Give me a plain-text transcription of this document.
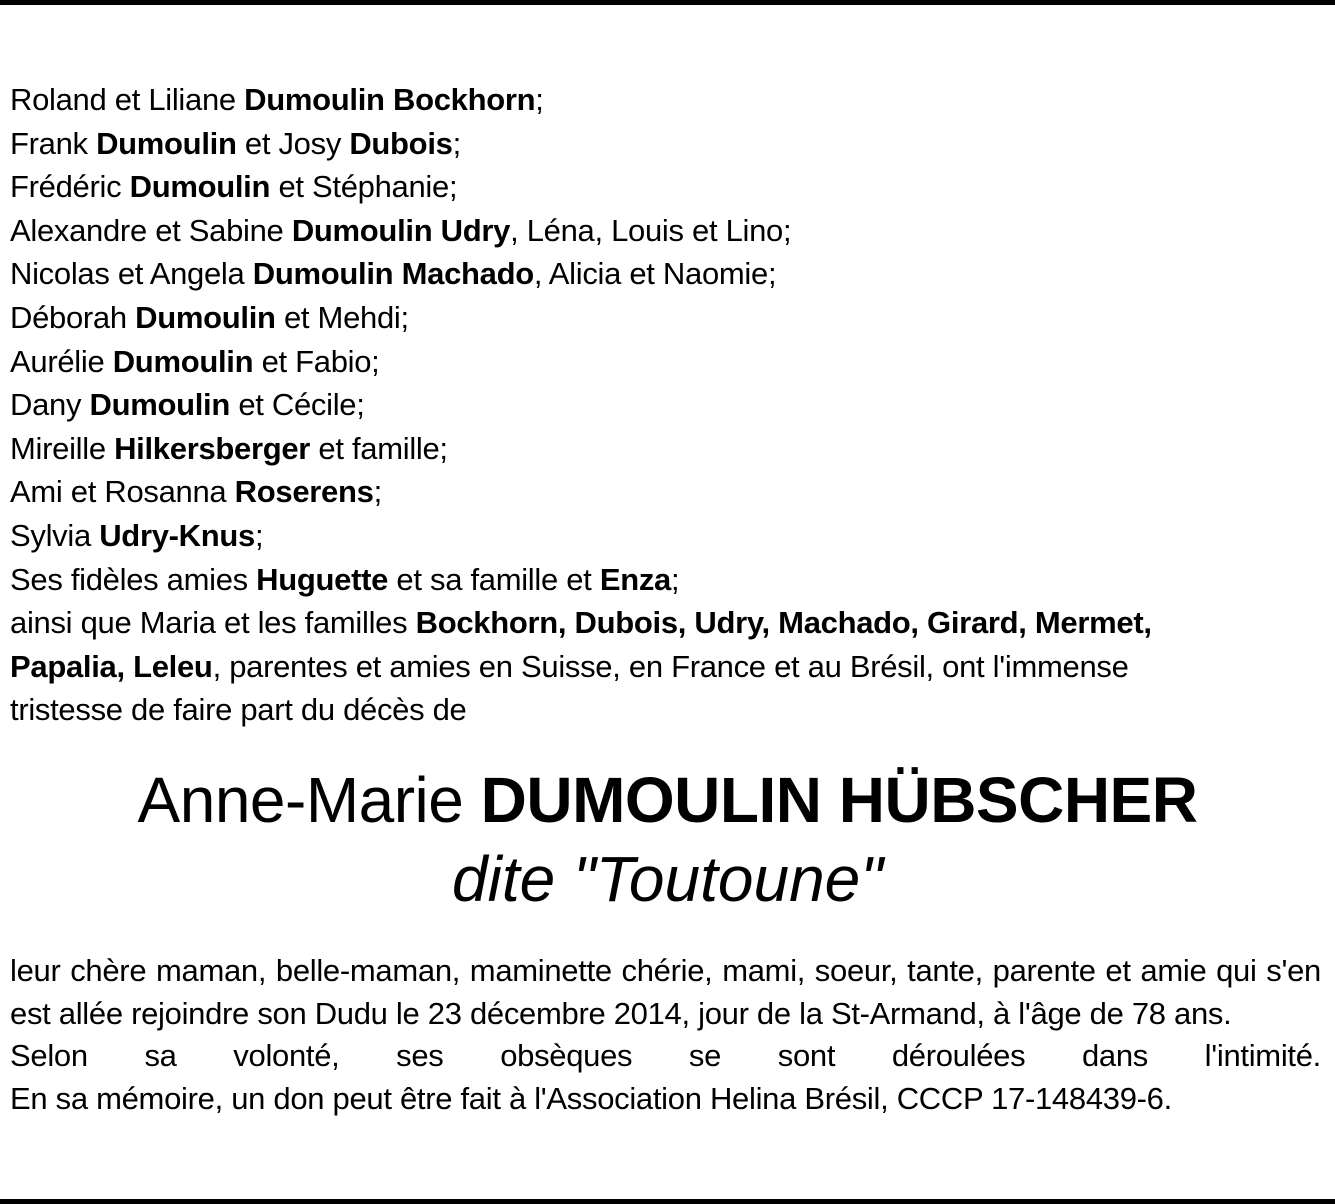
Roland et Liliane Dumoulin Bockhorn;
Frank Dumoulin et Josy Dubois;
Frédéric Dumoulin et Stéphanie;
Alexandre et Sabine Dumoulin Udry, Léna, Louis et Lino;
Nicolas et Angela Dumoulin Machado, Alicia et Naomie;
Déborah Dumoulin et Mehdi;
Aurélie Dumoulin et Fabio;
Dany Dumoulin et Cécile;
Mireille Hilkersberger et famille;
Ami et Rosanna Roserens;
Sylvia Udry-Knus;
Ses fidèles amies Huguette et sa famille et Enza;
ainsi que Maria et les familles Bockhorn, Dubois, Udry, Machado, Girard, Mermet,
Papalia, Leleu, parentes et amies en Suisse, en France et au Brésil, ont l'immense
tristesse de faire part du décès de
Anne-Marie DUMOULIN HÜBSCHER
dite "Toutoune"

leur chère maman, belle-maman, maminette chérie, mami, soeur, tante, parente et amie qui s'en est allée rejoindre son Dudu le 23 décembre 2014, jour de la St-Armand, à l'âge de 78 ans.

Selon sa volonté, ses obsèques se sont déroulées dans l'intimité.

En sa mémoire, un don peut être fait à l'Association Helina Brésil, CCCP 17-148439-6.
